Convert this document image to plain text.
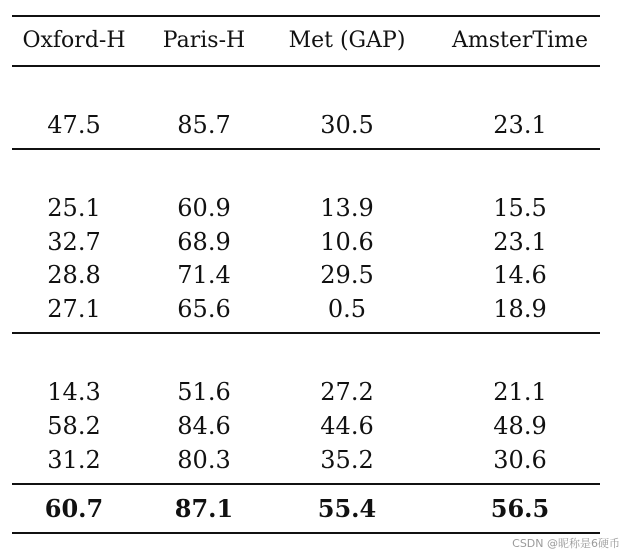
Oxford-H	Paris-H	Met (GAP)	AmsterTime
47.5	85.7	30.5	23.1
25.1	60.9	13.9	15.5
32.7	68.9	10.6	23.1
28.8	71.4	29.5	14.6
27.1	65.6	0.5	18.9
14.3	51.6	27.2	21.1
58.2	84.6	44.6	48.9
31.2	80.3	35.2	30.6
60.7	87.1	55.4	56.5
CSDN @昵称是6硬币
